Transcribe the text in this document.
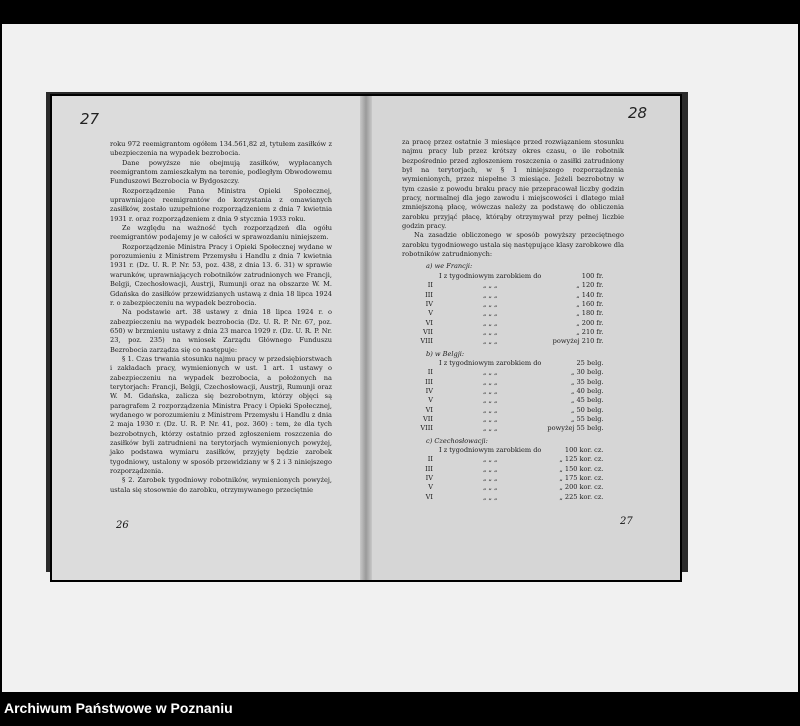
27

roku 972 reemigrantom ogółem 134.561,82 zł, tytułem zasiłków z ubezpieczenia na wypadek bezrobocia.

Dane powyższe nie obejmują zasiłków, wypłacanych reemigrantom zamieszkałym na terenie, podległym Obwodowemu Funduszowi Bezrobocia w Bydgoszczy.

Rozporządzenie Pana Ministra Opieki Społecznej, uprawniające reemigrantów do korzystania z omawianych zasiłków, zostało uzupełnione rozporządzeniem z dnia 7 kwietnia 1931 r. oraz rozporządzeniem z dnia 9 stycznia 1933 roku.

Ze względu na ważność tych rozporządzeń dla ogółu reemigrantów podajemy je w całości w sprawozdaniu niniejszem.

Rozporządzenie Ministra Pracy i Opieki Społecznej wydane w porozumieniu z Ministrem Przemysłu i Handlu z dnia 7 kwietnia 1931 r. (Dz. U. R. P. Nr. 53, poz. 438, z dnia 13. 6. 31) w sprawie warunków, uprawniających robotników zatrudnionych we Francji, Belgji, Czechosłowacji, Austrji, Rumunji oraz na obszarze W. M. Gdańska do zasiłków przewidzianych ustawą z dnia 18 lipca 1924 r. o zabezpieczeniu na wypadek bezrobocia.

Na podstawie art. 38 ustawy z dnia 18 lipca 1924 r. o zabezpieczeniu na wypadek bezrobocia (Dz. U. R. P. Nr. 67, poz. 650) w brzmieniu ustawy z dnia 23 marca 1929 r. (Dz. U. R. P. Nr. 23, poz. 235) na wniosek Zarządu Głównego Funduszu Bezrobocia zarządza się co następuje:

§ 1. Czas trwania stosunku najmu pracy w przedsiębiorstwach i zakładach pracy, wymienionych w ust. 1 art. 1 ustawy o zabezpieczeniu na wypadek bezrobocia, a położonych na terytorjach: Francji, Belgji, Czechosłowacji, Austrji, Rumunji oraz W. M. Gdańska, zalicza się bezrobotnym, którzy objęci są paragrafem 2 rozporządzenia Ministra Pracy i Opieki Społecznej, wydanego w porozumieniu z Ministrem Przemysłu i Handlu z dnia 2 maja 1930 r. (Dz. U. R. P. Nr. 41, poz. 360) : tem, że dla tych bezrobotnych, którzy ostatnio przed zgłoszeniem roszczenia do zasiłków byli zatrudnieni na terytorjach wymienionych powyżej, jako podstawa wymiaru zasiłków, przyjęty będzie zarobek tygodniowy, ustalony w sposób przewidziany w § 2 i 3 niniejszego rozporządzenia.

§ 2. Zarobek tygodniowy robotników, wymienionych powyżej, ustala się stosownie do zarobku, otrzymywanego przeciętnie

26
28

za pracę przez ostatnie 3 miesiące przed rozwiązaniem stosunku najmu pracy lub przez krótszy okres czasu, o ile robotnik bezpośrednio przed zgłoszeniem roszczenia o zasiłki zatrudniony był na terytorjach, w § 1 niniejszego rozporządzenia wymienionych, przez niepełne 3 miesiące. Jeżeli bezrobotny w tym czasie z powodu braku pracy nie przepracował liczby godzin pracy, normalnej dla jego zawodu i miejscowości i dlatego miał zmniejszoną płacę, wówczas należy za podstawę do obliczenia zarobku przyjąć płacę, którąby otrzymywał przy pełnej liczbie godzin pracy.

Na zasadzie obliczonego w sposób powyższy przeciętnego zarobku tygodniowego ustala się następujące klasy zarobkowe dla robotników zatrudnionych:

a) we Francji:

	I z tygodniowym zarobkiem do	100 fr.
II	„ „ „	„ 120 fr.
III	„ „ „	„ 140 fr.
IV	„ „ „	„ 160 fr.
V	„ „ „	„ 180 fr.
VI	„ „ „	„ 200 fr.
VII	„ „ „	„ 210 fr.
VIII	„ „ „	powyżej 210 fr.

b) w Belgji:

	I z tygodniowym zarobkiem do	25 belg.
II	„ „ „	„ 30 belg.
III	„ „ „	„ 35 belg.
IV	„ „ „	„ 40 belg.
V	„ „ „	„ 45 belg.
VI	„ „ „	„ 50 belg.
VII	„ „ „	„ 55 belg.
VIII	„ „ „	powyżej 55 belg.

c) Czechosłowacji:

	I z tygodniowym zarobkiem do	100 kor. cz.
II	„ „ „	„ 125 kor. cz.
III	„ „ „	„ 150 kor. cz.
IV	„ „ „	„ 175 kor. cz.
V	„ „ „	„ 200 kor. cz.
VI	„ „ „	„ 225 kor. cz.
27
Archiwum Państwowe w Poznaniu
